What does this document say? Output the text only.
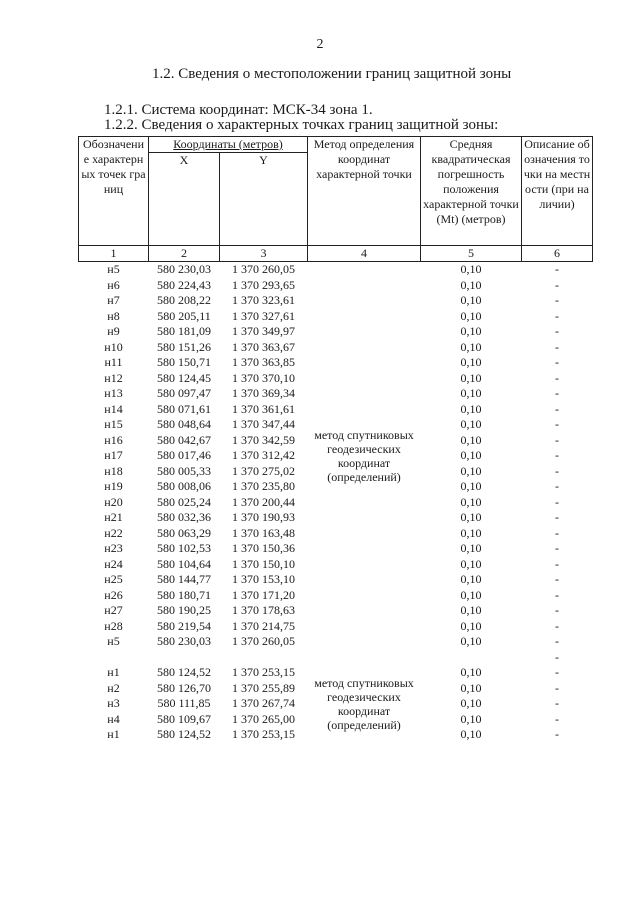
2
1.2. Сведения о местоположении границ защитной зоны
1.2.1. Система координат: МСК-34 зона 1.
1.2.2. Сведения о характерных точках границ защитной зоны:
Обозначение характерных точек границ	Координаты (метров)		Метод определения координат характерной точки	Средняя квадратическая погрешность положения характерной точки (Mt) (метров)	Описание обозначения точки на местности (при наличии)
	X	Y			
1	2	3	4	5	6
н5	580 230,03	1 370 260,05	метод спутниковых геодезических координат (определений)	0,10	-
н6	580 224,43	1 370 293,65		0,10	-
н7	580 208,22	1 370 323,61		0,10	-
н8	580 205,11	1 370 327,61		0,10	-
н9	580 181,09	1 370 349,97		0,10	-
н10	580 151,26	1 370 363,67		0,10	-
н11	580 150,71	1 370 363,85		0,10	-
н12	580 124,45	1 370 370,10		0,10	-
н13	580 097,47	1 370 369,34		0,10	-
н14	580 071,61	1 370 361,61		0,10	-
н15	580 048,64	1 370 347,44		0,10	-
н16	580 042,67	1 370 342,59		0,10	-
н17	580 017,46	1 370 312,42		0,10	-
н18	580 005,33	1 370 275,02		0,10	-
н19	580 008,06	1 370 235,80		0,10	-
н20	580 025,24	1 370 200,44		0,10	-
н21	580 032,36	1 370 190,93		0,10	-
н22	580 063,29	1 370 163,48		0,10	-
н23	580 102,53	1 370 150,36		0,10	-
н24	580 104,64	1 370 150,10		0,10	-
н25	580 144,77	1 370 153,10		0,10	-
н26	580 180,71	1 370 171,20		0,10	-
н27	580 190,25	1 370 178,63		0,10	-
н28	580 219,54	1 370 214,75		0,10	-
н5	580 230,03	1 370 260,05		0,10	-
					-
н1	580 124,52	1 370 253,15	метод спутниковых геодезических координат (определений)	0,10	-
н2	580 126,70	1 370 255,89		0,10	-
н3	580 111,85	1 370 267,74		0,10	-
н4	580 109,67	1 370 265,00		0,10	-
н1	580 124,52	1 370 253,15		0,10	-
